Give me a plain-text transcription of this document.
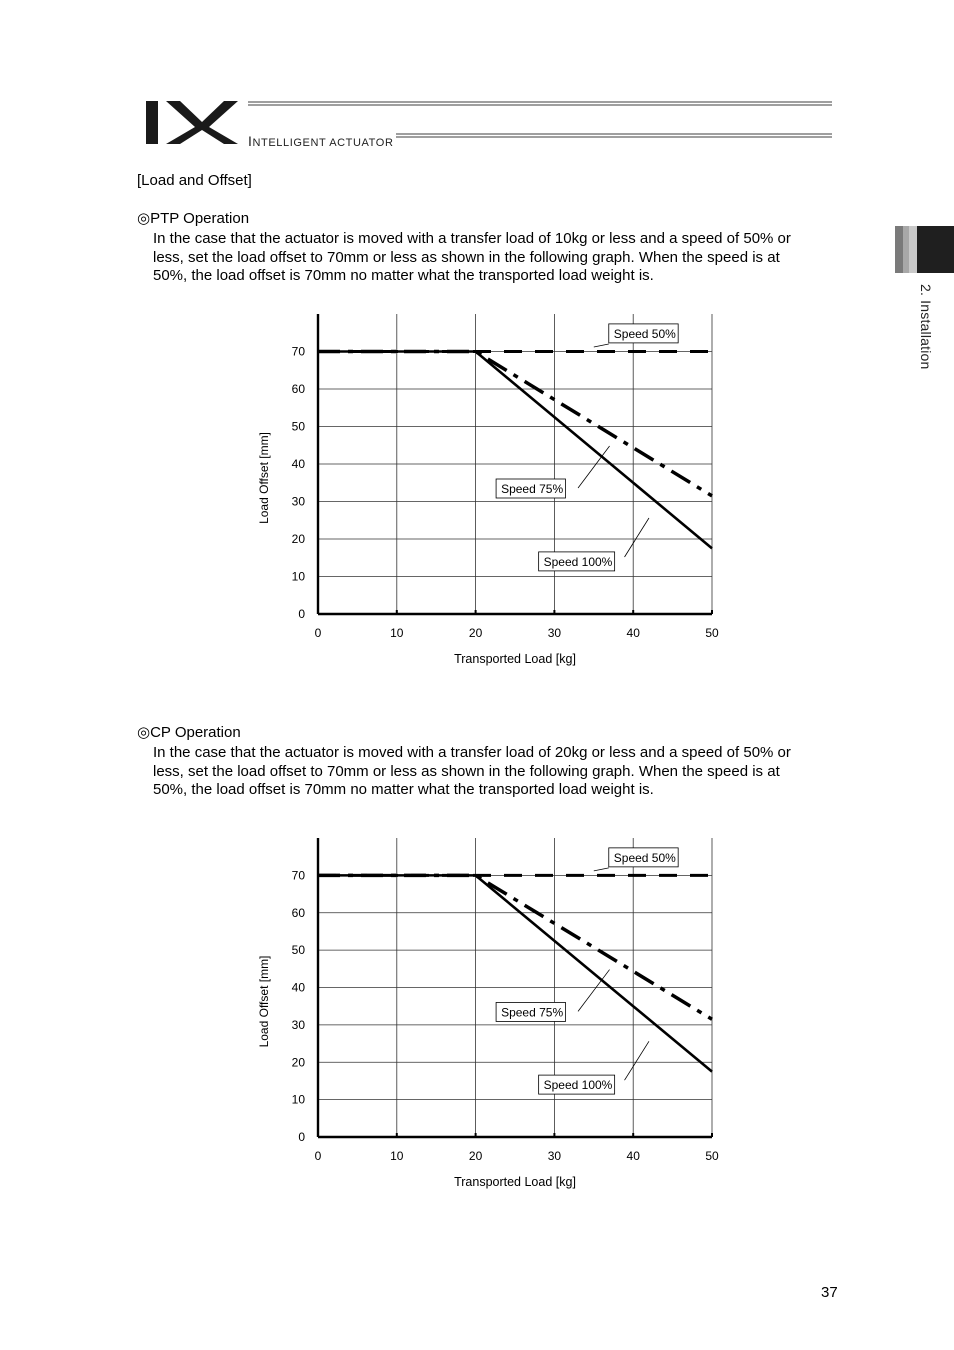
INTELLIGENT ACTUATOR
2. Installation
[Load and Offset]
◎PTP Operation
In the case that the actuator is moved with a transfer load of 10kg or less and a speed of 50% or
less, set the load offset to 70mm or less as shown in the following graph. When the speed is at
50%, the load offset is 70mm no matter what the transported load weight is.
0	10	20	30	40	50
0
10
20
30
40
50
60
70
Transported Load [kg]
Load Offset [mm]
Speed 50%
Speed 75%
Speed 100%
◎CP Operation
In the case that the actuator is moved with a transfer load of 20kg or less and a speed of 50% or
less, set the load offset to 70mm or less as shown in the following graph. When the speed is at
50%, the load offset is 70mm no matter what the transported load weight is.
0	10	20	30	40	50
0
10
20
30
40
50
60
70
Transported Load [kg]
Load Offset [mm]
Speed 50%
Speed 75%
Speed 100%
37
